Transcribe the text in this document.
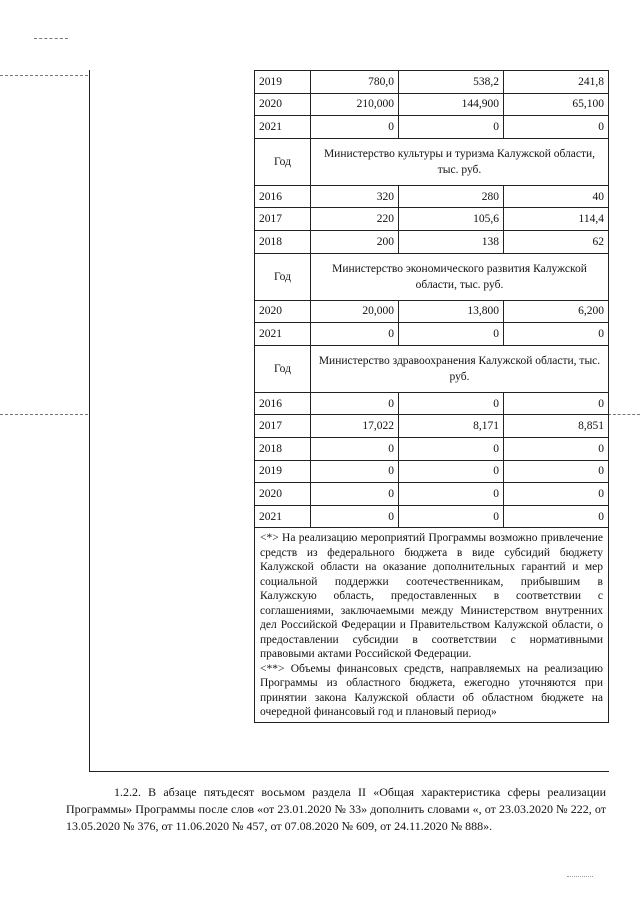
2019	780,0	538,2	241,8
2020	210,000	144,900	65,100
2021	0	0	0
Год	Министерство культуры и туризма Калужской области, тыс. руб.		
2016	320	280	40
2017	220	105,6	114,4
2018	200	138	62
Год	Министерство экономического развития Калужской области, тыс. руб.		
2020	20,000	13,800	6,200
2021	0	0	0
Год	Министерство здравоохранения Калужской области, тыс. руб.		
2016	0	0	0
2017	17,022	8,171	8,851
2018	0	0	0
2019	0	0	0
2020	0	0	0
2021	0	0	0

<*> На реализацию мероприятий Программы возможно привлечение средств из федерального бюджета в виде субсидий бюджету Калужской области на оказание дополнительных гарантий и мер социальной поддержки соотечественникам, прибывшим в Калужскую область, предоставленных в соответствии с соглашениями, заключаемыми между Министерством внутренних дел Российской Федерации и Правительством Калужской области, о предоставлении субсидии в соответствии с нормативными правовыми актами Российской Федерации.

<**> Объемы финансовых средств, направляемых на реализацию Программы из областного бюджета, ежегодно уточняются при принятии закона Калужской области об областном бюджете на очередной финансовый год и плановый период»			

1.2.2. В абзаце пятьдесят восьмом раздела II «Общая характеристика сферы реализации Программы» Программы после слов «от 23.01.2020 № 33» дополнить словами «, от 23.03.2020 № 222, от 13.05.2020 № 376, от 11.06.2020 № 457, от 07.08.2020 № 609, от 24.11.2020 № 888».
